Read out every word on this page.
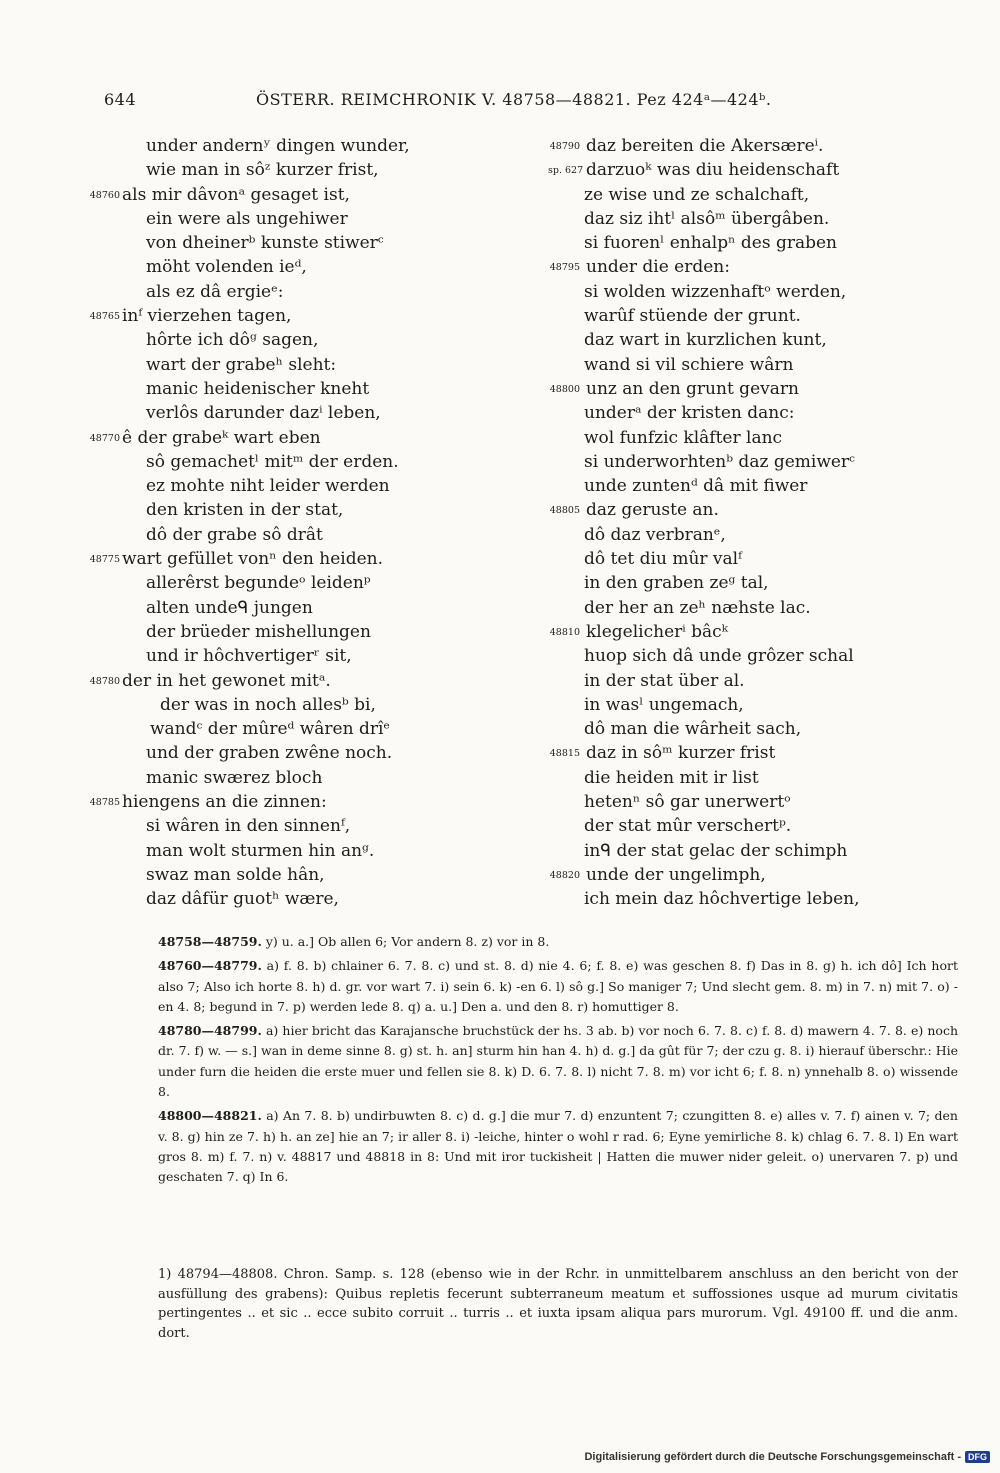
644	ÖSTERR. REIMCHRONIK V. 48758—48821. Pez 424ᵃ—424ᵇ.
under andernʸ dingen wunder,
wie man in sôᶻ kurzer frist,
48760 als mir dâvonᵃ gesaget ist,
ein were als ungehiwer
von dheinerᵇ kunste stiwerᶜ
möht volenden ieᵈ,
als ez dâ ergieᵉ:
48765 inᶠ vierzehen tagen,
hôrte ich dôᵍ sagen,
wart der grabeʰ sleht:
manic heidenischer kneht
verlôs darunder dazⁱ leben,
48770 ê der grabeᵏ wart eben
sô gemachetˡ mitᵐ der erden.
ez mohte niht leider werden
den kristen in der stat,
dô der grabe sô drât
48775 wart gefüllet vonⁿ den heiden.
allerêrst begundeᵒ leidenᵖ
alten undeᑫ jungen
der brüeder mishellungen
und ir hôchvertigerʳ sit,
48780 der in het gewonet mitᵃ.
der was in noch allesᵇ bi,
wandᶜ der mûreᵈ wâren drîᵉ
und der graben zwêne noch.
manic swærez bloch
48785 hiengens an die zinnen:
si wâren in den sinnenᶠ,
man wolt sturmen hin anᵍ.
swaz man solde hân,
daz dâfür guotʰ wære,
48790 daz bereiten die Akersæreⁱ.
sp. 627 darzuoᵏ was diu heidenschaft
ze wise und ze schalchaft,
daz siz ihtˡ alsôᵐ übergâben.
si fuorenˡ enhalpⁿ des graben
48795 under die erden:
si wolden wizzenhaftᵒ werden,
warûf stüende der grunt.
daz wart in kurzlichen kunt,
wand si vil schiere wârn
48800 unz an den grunt gevarn
underᵃ der kristen danc:
wol funfzic klâfter lanc
si underworhtenᵇ daz gemiwerᶜ
unde zuntenᵈ dâ mit fiwer
48805 daz geruste an.
dô daz verbranᵉ,
dô tet diu mûr valᶠ
in den graben zeᵍ tal,
der her an zeʰ næhste lac.
48810 klegelicherⁱ bâcᵏ
huop sich dâ unde grôzer schal
in der stat über al.
in wasˡ ungemach,
dô man die wârheit sach,
48815 daz in sôᵐ kurzer frist
die heiden mit ir list
hetenⁿ sô gar unerwertᵒ
der stat mûr verschertᵖ.
inᑫ der stat gelac der schimph
48820 unde der ungelimph,
ich mein daz hôchvertige leben,

48758—48759. y) u. a.] Ob allen 6; Vor andern 8. z) vor in 8.

48760—48779. a) f. 8. b) chlainer 6. 7. 8. c) und st. 8. d) nie 4. 6; f. 8. e) was geschen 8. f) Das in 8. g) h. ich dô] Ich hort also 7; Also ich horte 8. h) d. gr. vor wart 7. i) sein 6. k) -en 6. l) sô g.] So maniger 7; Und slecht gem. 8. m) in 7. n) mit 7. o) -en 4. 8; begund in 7. p) werden lede 8. q) a. u.] Den a. und den 8. r) homuttiger 8.

48780—48799. a) hier bricht das Karajansche bruchstück der hs. 3 ab. b) vor noch 6. 7. 8. c) f. 8. d) mawern 4. 7. 8. e) noch dr. 7. f) w. — s.] wan in deme sinne 8. g) st. h. an] sturm hin han 4. h) d. g.] da gût für 7; der czu g. 8. i) hierauf überschr.: Hie under furn die heiden die erste muer und fellen sie 8. k) D. 6. 7. 8. l) nicht 7. 8. m) vor icht 6; f. 8. n) ynnehalb 8. o) wissende 8.

48800—48821. a) An 7. 8. b) undirbuwten 8. c) d. g.] die mur 7. d) enzuntent 7; czungitten 8. e) alles v. 7. f) ainen v. 7; den v. 8. g) hin ze 7. h) h. an ze] hie an 7; ir aller 8. i) -leiche, hinter o wohl r rad. 6; Eyne yemirliche 8. k) chlag 6. 7. 8. l) En wart gros 8. m) f. 7. n) v. 48817 und 48818 in 8: Und mit iror tuckisheit | Hatten die muwer nider geleit. o) unervaren 7. p) und geschaten 7. q) In 6.

1) 48794—48808. Chron. Samp. s. 128 (ebenso wie in der Rchr. in unmittelbarem anschluss an den bericht von der ausfüllung des grabens): Quibus repletis fecerunt subterraneum meatum et suffossiones usque ad murum civitatis pertingentes .. et sic .. ecce subito corruit .. turris .. et iuxta ipsam aliqua pars murorum. Vgl. 49100 ff. und die anm. dort.

Digitalisierung gefördert durch die Deutsche Forschungsgemeinschaft - DFG
